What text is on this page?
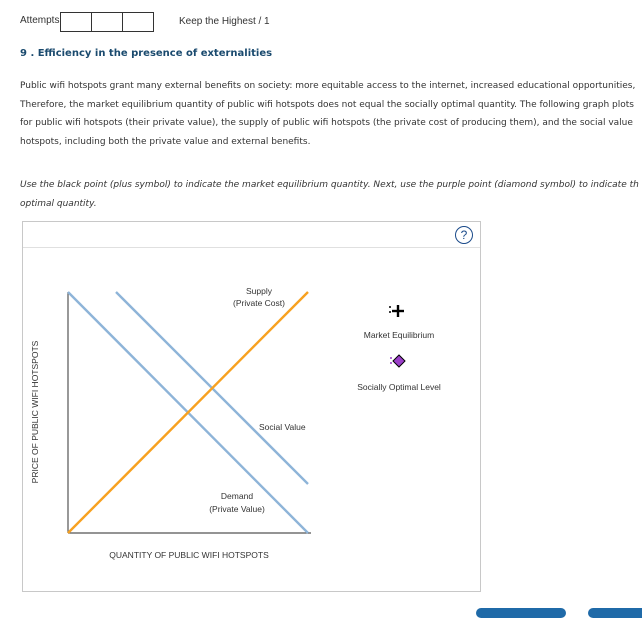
Attempts	Keep the Highest / 1
9 . Efficiency in the presence of externalities
Public wifi hotspots grant many external benefits on society: more equitable access to the internet, increased educational opportunities,
Therefore, the market equilibrium quantity of public wifi hotspots does not equal the socially optimal quantity. The following graph plots
for public wifi hotspots (their private value), the supply of public wifi hotspots (the private cost of producing them), and the social value
hotspots, including both the private value and external benefits.
Use the black point (plus symbol) to indicate the market equilibrium quantity. Next, use the purple point (diamond symbol) to indicate th
optimal quantity.
?
Supply
(Private Cost)
Social Value
Demand
(Private Value)
PRICE OF PUBLIC WIFI HOTSPOTS
QUANTITY OF PUBLIC WIFI HOTSPOTS
Market Equilibrium
Socially Optimal Level
